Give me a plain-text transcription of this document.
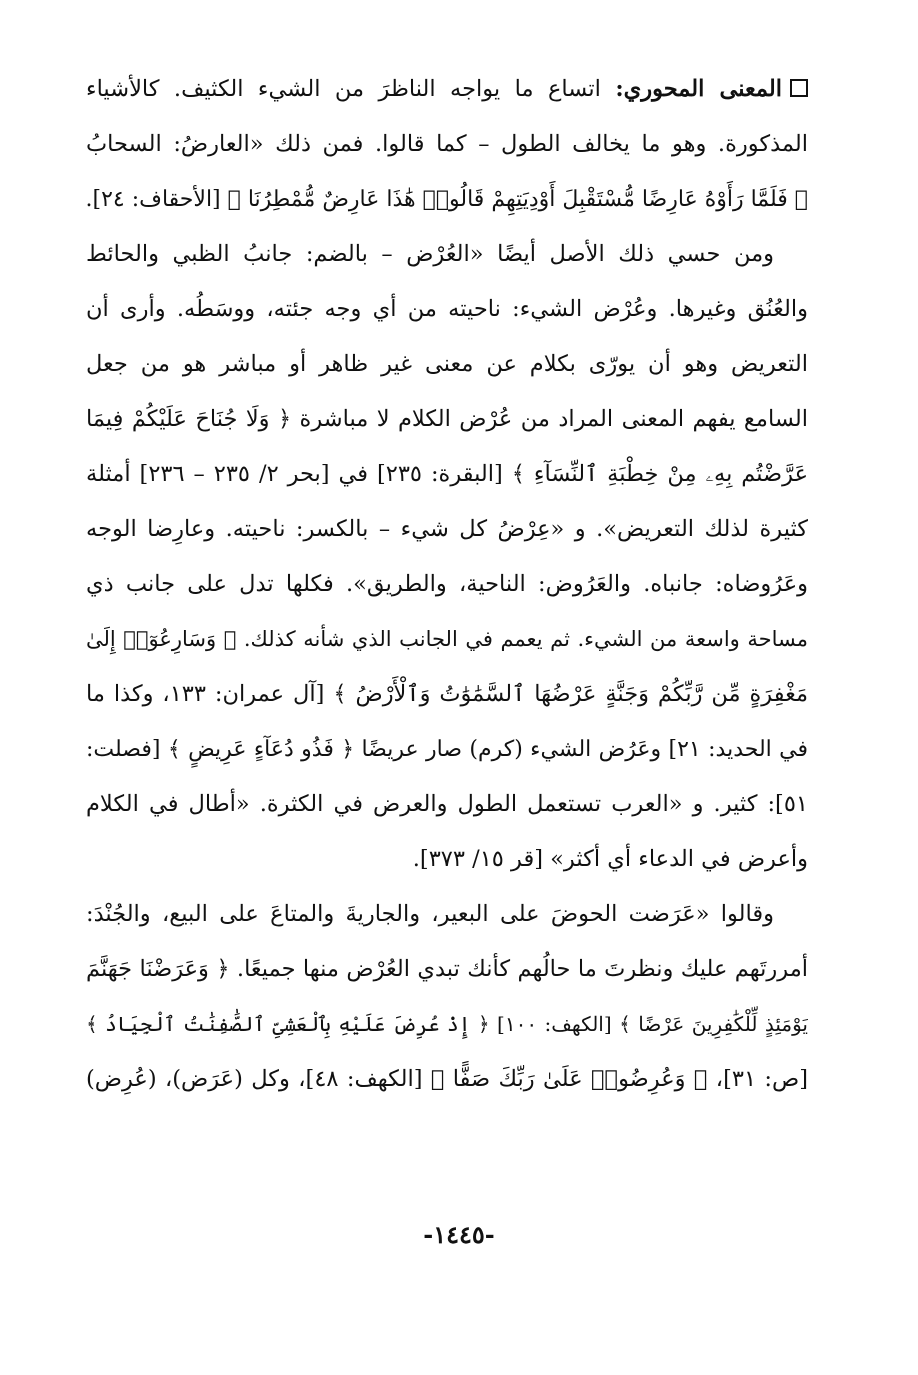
المعنى المحوري: اتساع ما يواجه الناظرَ من الشيء الكثيف. كالأشياء
المذكورة. وهو ما يخالف الطول – كما قالوا. فمن ذلك «العارضُ: السحابُ
﴿ فَلَمَّا رَأَوْهُ عَارِضًا مُّسْتَقْبِلَ أَوْدِيَتِهِمْ قَالُوا۟ هَٰذَا عَارِضٌ مُّمْطِرُنَا ﴾ [الأحقاف: ٢٤].
ومن حسي ذلك الأصل أيضًا «العُرْض – بالضم: جانبُ الظبي والحائط
والعُنُق وغيرها. وعُرْض الشيء: ناحيته من أي وجه جئته، ووسَطُه. وأرى أن
التعريض وهو أن يورّى بكلام عن معنى غير ظاهر أو مباشر هو من جعل
السامع يفهم المعنى المراد من عُرْض الكلام لا مباشرة ﴿ وَلَا جُنَاحَ عَلَيْكُمْ فِيمَا
عَرَّضْتُم بِهِۦ مِنْ خِطْبَةِ ٱلنِّسَآءِ ﴾ [البقرة: ٢٣٥] في [بحر ٢/ ٢٣٥ – ٢٣٦] أمثلة
كثيرة لذلك التعريض». و «عِرْضُ كل شيء – بالكسر: ناحيته. وعارِضا الوجه
وعَرُوضاه: جانباه. والعَرُوض: الناحية، والطريق». فكلها تدل على جانب ذي
مساحة واسعة من الشيء. ثم يعمم في الجانب الذي شأنه كذلك. ﴿ وَسَارِعُوٓا۟ إِلَىٰ
مَغْفِرَةٍ مِّن رَّبِّكُمْ وَجَنَّةٍ عَرْضُهَا ٱلسَّمَٰوَٰتُ وَٱلْأَرْضُ ﴾ [آل عمران: ١٣٣، وكذا ما
في الحديد: ٢١] وعَرُض الشيء (كرم) صار عريضًا ﴿ فَذُو دُعَآءٍ عَرِيضٍ ﴾ [فصلت:
٥١]: كثير. و «العرب تستعمل الطول والعرض في الكثرة. «أطال في الكلام
وأعرض في الدعاء أي أكثر» [قر ١٥/ ٣٧٣].
وقالوا «عَرَضت الحوضَ على البعير، والجاريةَ والمتاعَ على البيع، والجُنْدَ:
أمررتَهم عليك ونظرتَ ما حالُهم كأنك تبدي العُرْض منها جميعًا. ﴿ وَعَرَضْنَا جَهَنَّمَ
يَوْمَئِذٍ لِّلْكَٰفِرِينَ عَرْضًا ﴾ [الكهف: ١٠٠] ﴿ إِذْ عُرِضَ عَلَيْهِ بِٱلْعَشِىِّ ٱلصَّٰفِنَٰتُ ٱلْجِيَادُ ﴾
[ص: ٣١]، ﴿ وَعُرِضُوا۟ عَلَىٰ رَبِّكَ صَفًّا ﴾ [الكهف: ٤٨]، وكل (عَرَض)، (عُرِض)
-١٤٤٥-
